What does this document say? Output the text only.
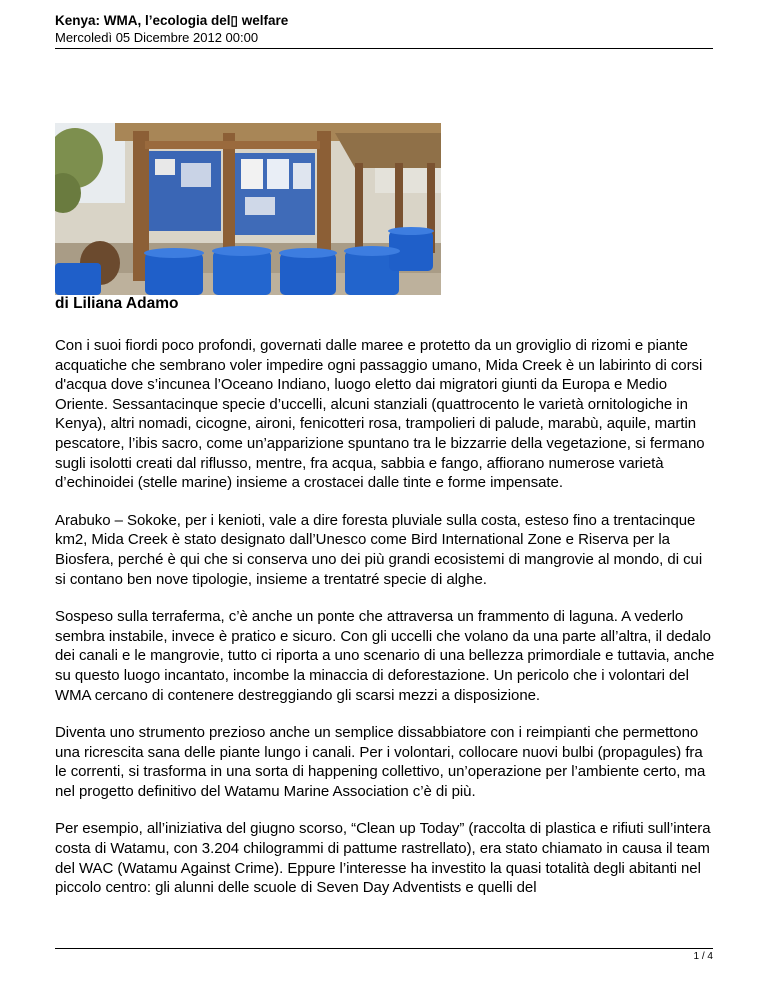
Kenya: WMA, l’ecologia del▯ welfare
Mercoledì 05 Dicembre 2012 00:00
di Liliana Adamo

Con i suoi fiordi poco profondi, governati dalle maree e protetto da un groviglio di rizomi e piante acquatiche che sembrano voler impedire ogni passaggio umano, Mida Creek è un labirinto di corsi d'acqua dove s’incunea l’Oceano Indiano, luogo eletto dai migratori giunti da Europa e Medio Oriente. Sessantacinque specie d’uccelli, alcuni stanziali (quattrocento le varietà ornitologiche in Kenya), altri nomadi, cicogne, aironi, fenicotteri rosa, trampolieri di palude, marabù, aquile, martin pescatore, l’ibis sacro, come un’apparizione spuntano tra le bizzarrie della vegetazione, si fermano sugli isolotti creati dal riflusso, mentre, fra acqua, sabbia e fango, affiorano numerose varietà d’echinoidei (stelle marine) insieme a crostacei dalle tinte e forme impensate.

Arabuko – Sokoke, per i kenioti, vale a dire foresta pluviale sulla costa, esteso fino a trentacinque km2, Mida Creek è stato designato dall’Unesco come Bird International Zone e Riserva per la Biosfera, perché è qui che si conserva uno dei più grandi ecosistemi di mangrovie al mondo, di cui si contano ben nove tipologie, insieme a trentatré specie di alghe.

Sospeso sulla terraferma, c’è anche un ponte che attraversa un frammento di laguna. A vederlo sembra instabile, invece è pratico e sicuro. Con gli uccelli che volano da una parte all’altra, il dedalo dei canali e le mangrovie, tutto ci riporta a uno scenario di una bellezza primordiale e tuttavia, anche su questo luogo incantato, incombe la minaccia di deforestazione. Un pericolo che i volontari del WMA cercano di contenere destreggiando gli scarsi mezzi a disposizione.

Diventa uno strumento prezioso anche un semplice dissabbiatore con i reimpianti che permettono una ricrescita sana delle piante lungo i canali. Per i volontari, collocare nuovi bulbi (propagules) fra le correnti, si trasforma in una sorta di happening collettivo, un’operazione per l’ambiente certo, ma nel progetto definitivo del Watamu Marine Association c’è di più.

Per esempio, all’iniziativa del giugno scorso, “Clean up Today” (raccolta di plastica e rifiuti sull’intera costa di Watamu, con 3.204 chilogrammi di pattume rastrellato), era stato chiamato in causa il team del WAC (Watamu Against Crime). Eppure l’interesse ha investito la quasi totalità degli abitanti nel piccolo centro: gli alunni delle scuole di Seven Day Adventists e quelli del

1 / 4
